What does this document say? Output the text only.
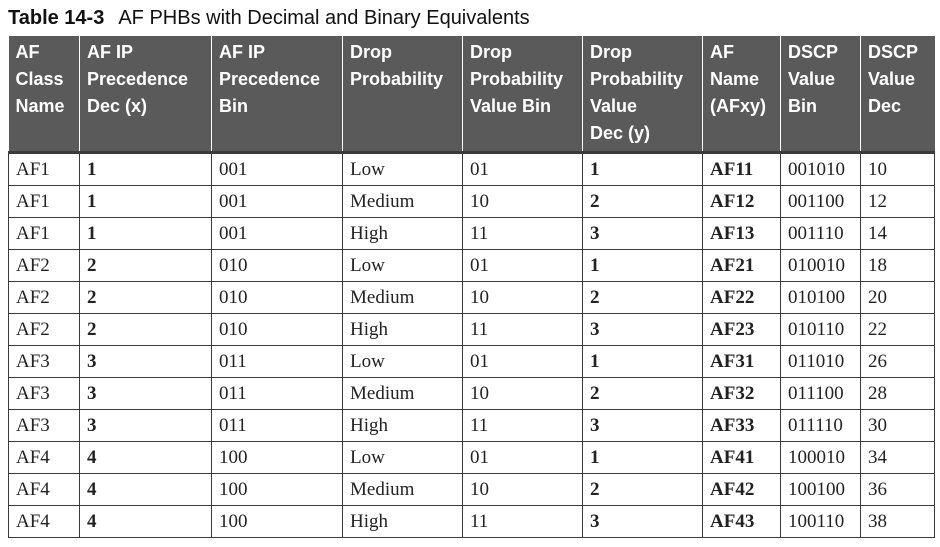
Table 14-3 AF PHBs with Decimal and Binary Equivalents
AF
Class
Name	AF IP
Precedence
Dec (x)	AF IP
Precedence
Bin	Drop
Probability	Drop
Probability
Value Bin	Drop
Probability
Value
Dec (y)	AF
Name
(AFxy)	DSCP
Value
Bin	DSCP
Value
Dec

AF1	1	001	Low	01	1	AF11	001010	10
AF1	1	001	Medium	10	2	AF12	001100	12
AF1	1	001	High	11	3	AF13	001110	14
AF2	2	010	Low	01	1	AF21	010010	18
AF2	2	010	Medium	10	2	AF22	010100	20
AF2	2	010	High	11	3	AF23	010110	22
AF3	3	011	Low	01	1	AF31	011010	26
AF3	3	011	Medium	10	2	AF32	011100	28
AF3	3	011	High	11	3	AF33	011110	30
AF4	4	100	Low	01	1	AF41	100010	34
AF4	4	100	Medium	10	2	AF42	100100	36
AF4	4	100	High	11	3	AF43	100110	38
